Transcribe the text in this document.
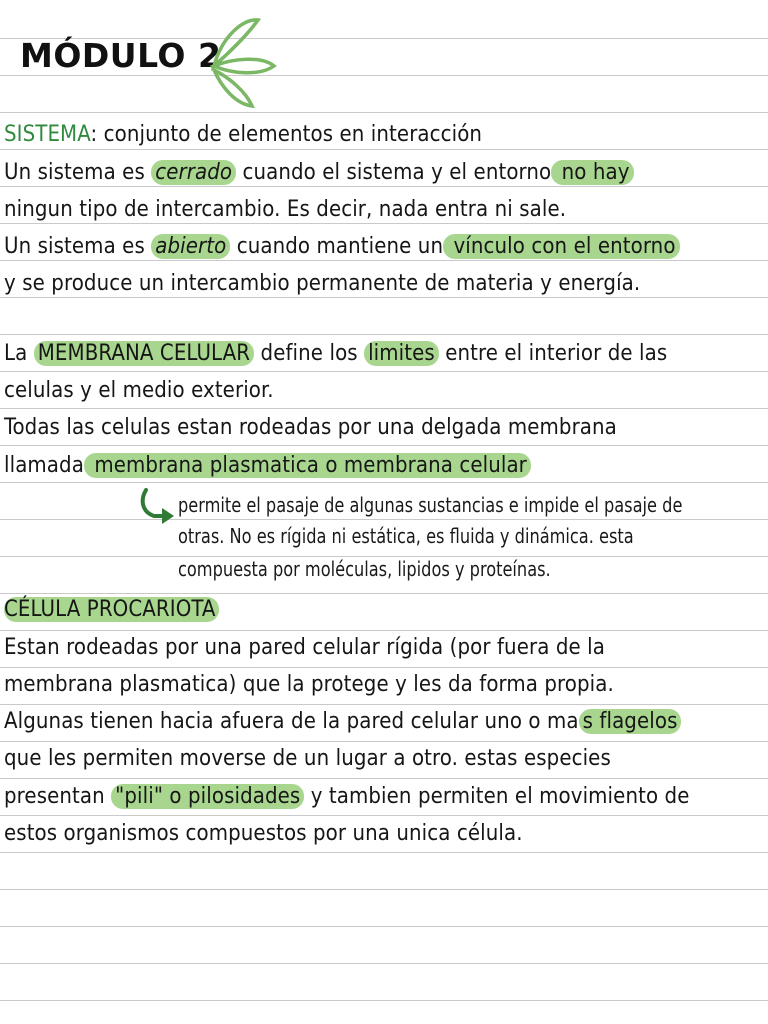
MÓDULO 2
SISTEMA: conjunto de elementos en interacción
Un sistema es cerrado cuando el sistema y el entorno no hay
ningun tipo de intercambio. Es decir, nada entra ni sale.
Un sistema es abierto cuando mantiene un vínculo con el entorno
y se produce un intercambio permanente de materia y energía.
La MEMBRANA CELULAR define los limites entre el interior de las
celulas y el medio exterior.
Todas las celulas estan rodeadas por una delgada membrana
llamada membrana plasmatica o membrana celular
permite el pasaje de algunas sustancias e impide el pasaje de
otras. No es rígida ni estática, es fluida y dinámica. esta
compuesta por moléculas, lipidos y proteínas.
CÉLULA PROCARIOTA
Estan rodeadas por una pared celular rígida (por fuera de la
membrana plasmatica) que la protege y les da forma propia.
Algunas tienen hacia afuera de la pared celular uno o ma s flagelos
que les permiten moverse de un lugar a otro. estas especies
presentan "pili" o pilosidades y tambien permiten el movimiento de
estos organismos compuestos por una unica célula.
